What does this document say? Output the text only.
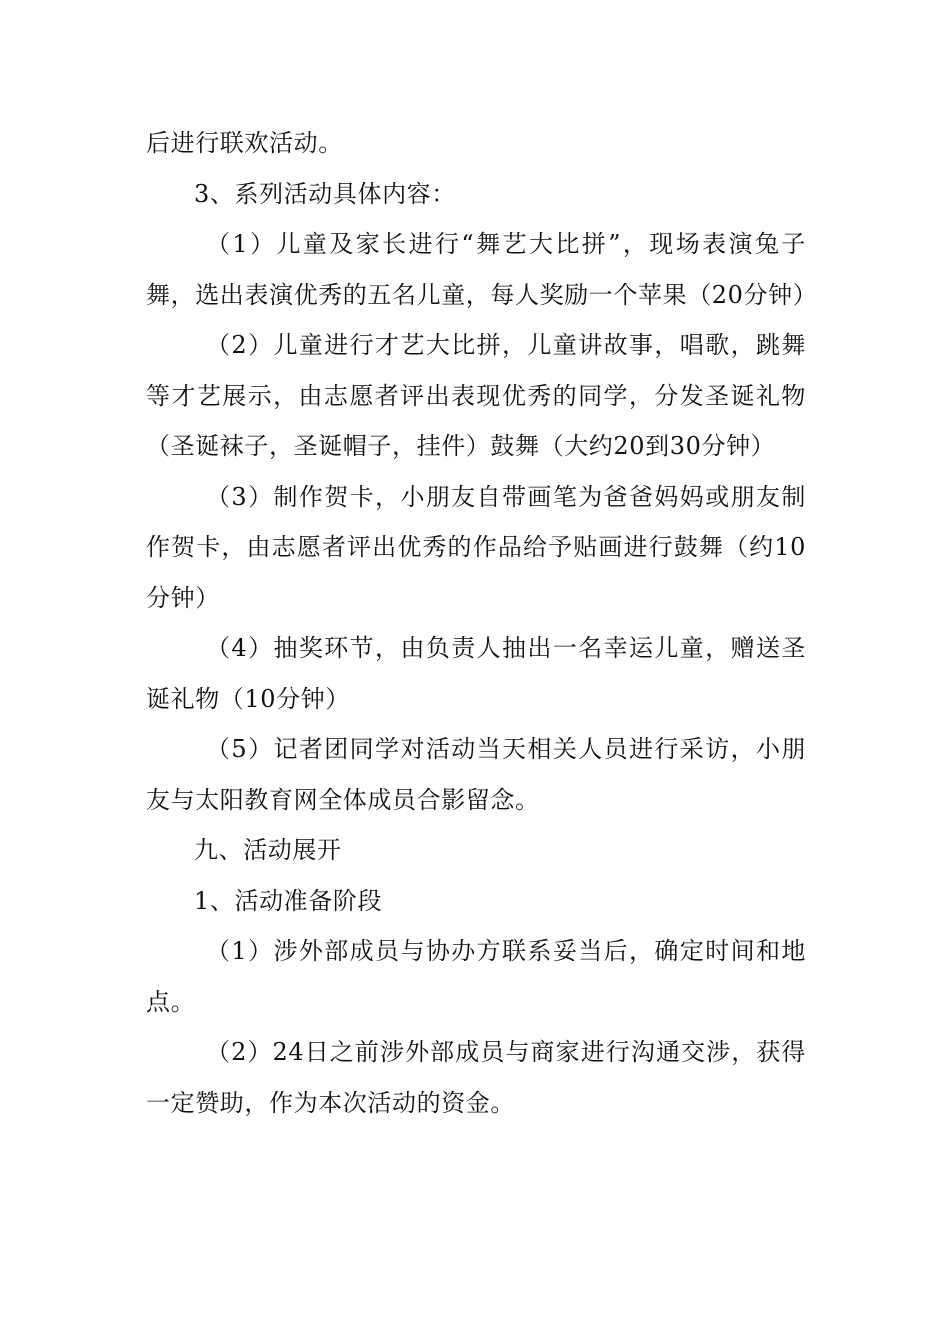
后进行联欢活动。

3、系列活动具体内容：

（1）儿童及家长进行“舞艺大比拼”，现场表演兔子舞，选出表演优秀的五名儿童，每人奖励一个苹果（20分钟）

（2）儿童进行才艺大比拼，儿童讲故事，唱歌，跳舞等才艺展示，由志愿者评出表现优秀的同学，分发圣诞礼物（圣诞袜子，圣诞帽子，挂件）鼓舞（大约20到30分钟）

（3）制作贺卡，小朋友自带画笔为爸爸妈妈或朋友制作贺卡，由志愿者评出优秀的作品给予贴画进行鼓舞（约10分钟）

（4）抽奖环节，由负责人抽出一名幸运儿童，赠送圣诞礼物（10分钟）

（5）记者团同学对活动当天相关人员进行采访，小朋友与太阳教育网全体成员合影留念。

九、活动展开

1、活动准备阶段

（1）涉外部成员与协办方联系妥当后，确定时间和地点。

（2）24日之前涉外部成员与商家进行沟通交涉，获得一定赞助，作为本次活动的资金。
